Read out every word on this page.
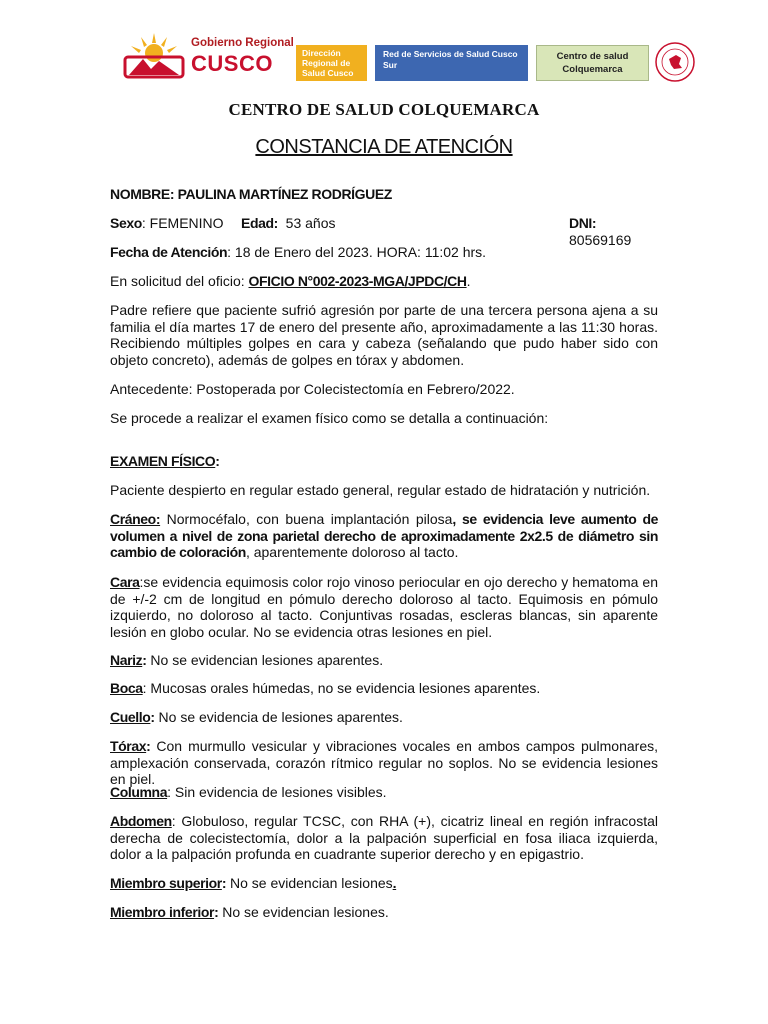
Gobierno Regional
CUSCO	Dirección Regional de Salud Cusco
Red de Servicios de Salud Cusco Sur
Centro de salud Colquemarca
CENTRO DE SALUD COLQUEMARCA
CONSTANCIA DE ATENCIÓN
NOMBRE: PAULINA MARTÍNEZ RODRÍGUEZ
Sexo: FEMENINO Edad: 53 años	DNI: 80569169
Fecha de Atención: 18 de Enero del 2023. HORA: 11:02 hrs.
En solicitud del oficio: OFICIO N°002-2023-MGA/JPDC/CH.
Padre refiere que paciente sufrió agresión por parte de una tercera persona ajena a su familia el día martes 17 de enero del presente año, aproximadamente a las 11:30 horas. Recibiendo múltiples golpes en cara y cabeza (señalando que pudo haber sido con objeto concreto), además de golpes en tórax y abdomen.
Antecedente: Postoperada por Colecistectomía en Febrero/2022.
Se procede a realizar el examen físico como se detalla a continuación:
EXAMEN FÍSICO:
Paciente despierto en regular estado general, regular estado de hidratación y nutrición.
Cráneo: Normocéfalo, con buena implantación pilosa, se evidencia leve aumento de volumen a nivel de zona parietal derecho de aproximadamente 2x2.5 de diámetro sin cambio de coloración, aparentemente doloroso al tacto.
Cara:se evidencia equimosis color rojo vinoso periocular en ojo derecho y hematoma en de +/-2 cm de longitud en pómulo derecho doloroso al tacto. Equimosis en pómulo izquierdo, no doloroso al tacto. Conjuntivas rosadas, escleras blancas, sin aparente lesión en globo ocular. No se evidencia otras lesiones en piel.
Nariz: No se evidencian lesiones aparentes.
Boca: Mucosas orales húmedas, no se evidencia lesiones aparentes.
Cuello: No se evidencia de lesiones aparentes.
Tórax: Con murmullo vesicular y vibraciones vocales en ambos campos pulmonares, amplexación conservada, corazón rítmico regular no soplos. No se evidencia lesiones en piel.
Columna: Sin evidencia de lesiones visibles.
Abdomen: Globuloso, regular TCSC, con RHA (+), cicatriz lineal en región infracostal derecha de colecistectomía, dolor a la palpación superficial en fosa iliaca izquierda, dolor a la palpación profunda en cuadrante superior derecho y en epigastrio.
Miembro superior: No se evidencian lesiones.
Miembro inferior: No se evidencian lesiones.
